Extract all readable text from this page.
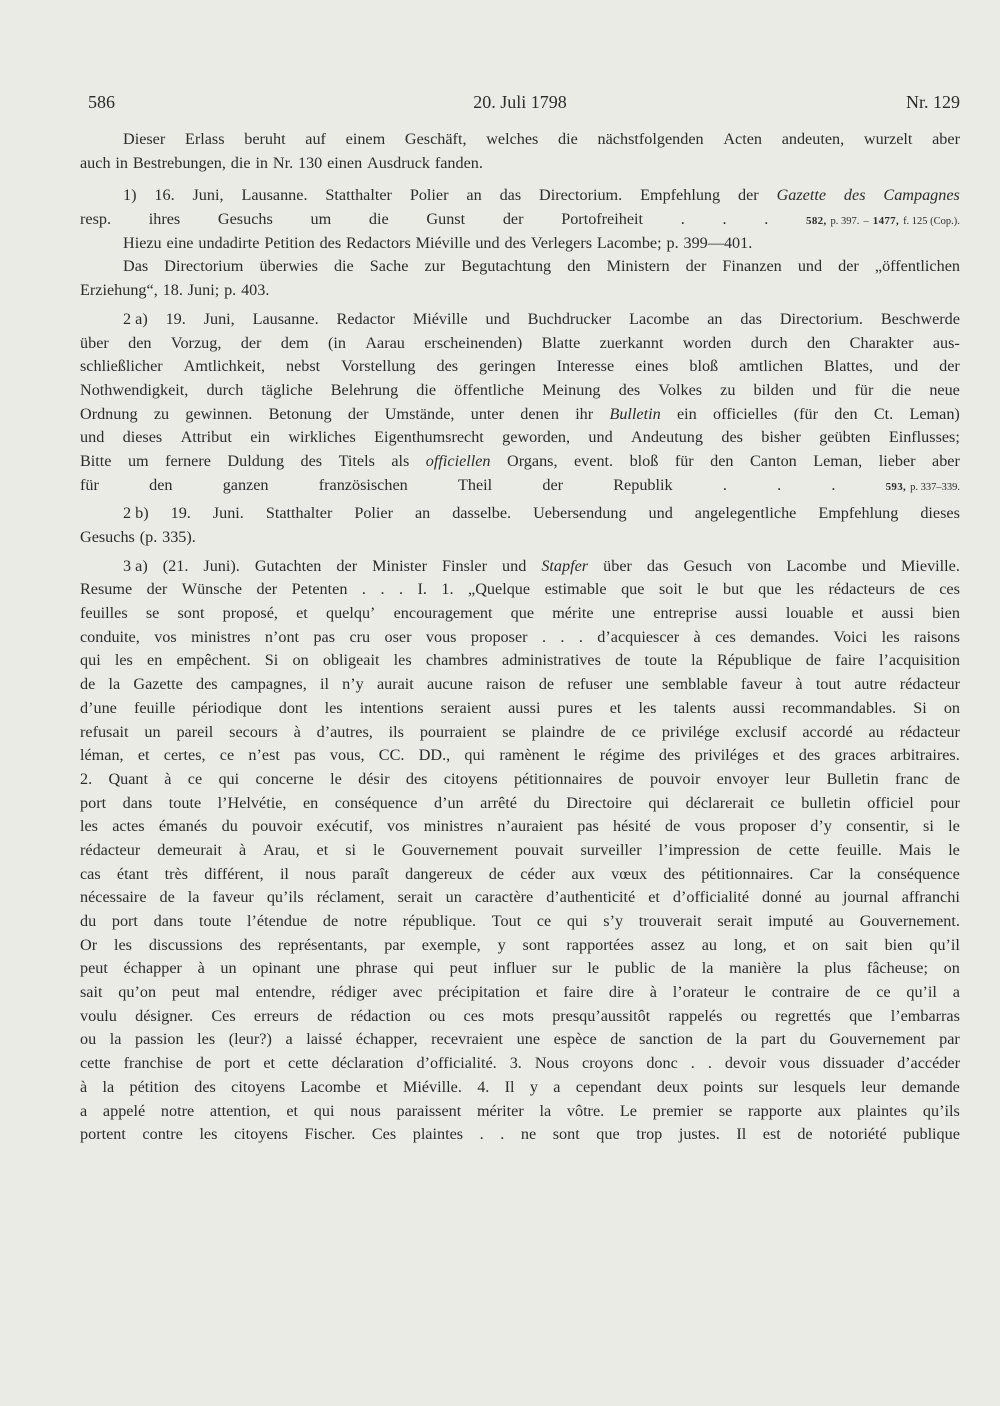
586	20. Juli 1798	Nr. 129
Dieser Erlass beruht auf einem Geschäft, welches die nächstfolgenden Acten andeuten, wurzelt aber
auch in Bestrebungen, die in Nr. 130 einen Ausdruck fanden.
1) 16. Juni, Lausanne. Statthalter Polier an das Directorium. Empfehlung der Gazette des Campagnes
resp. ihres Gesuchs um die Gunst der Portofreiheit . . .	582, p. 397. – 1477, f. 125 (Cop.).
Hiezu eine undadirte Petition des Redactors Miéville und des Verlegers Lacombe; p. 399—401.
Das Directorium überwies die Sache zur Begutachtung den Ministern der Finanzen und der „öffentlichen
Erziehung“, 18. Juni; p. 403.
2 a) 19. Juni, Lausanne. Redactor Miéville und Buchdrucker Lacombe an das Directorium. Beschwerde
über den Vorzug, der dem (in Aarau erscheinenden) Blatte zuerkannt worden durch den Charakter aus-
schließlicher Amtlichkeit, nebst Vorstellung des geringen Interesse eines bloß amtlichen Blattes, und der
Nothwendigkeit, durch tägliche Belehrung die öffentliche Meinung des Volkes zu bilden und für die neue
Ordnung zu gewinnen. Betonung der Umstände, unter denen ihr Bulletin ein officielles (für den Ct. Leman)
und dieses Attribut ein wirkliches Eigenthumsrecht geworden, und Andeutung des bisher geübten Einflusses;
Bitte um fernere Duldung des Titels als officiellen Organs, event. bloß für den Canton Leman, lieber aber
für	den	ganzen	französischen	Theil	der	Republik	.	.	.	593, p. 337–339.
2 b) 19. Juni. Statthalter Polier an dasselbe. Uebersendung und angelegentliche Empfehlung dieses
Gesuchs (p. 335).
3 a) (21. Juni). Gutachten der Minister Finsler und Stapfer über das Gesuch von Lacombe und Mieville.
Resume der Wünsche der Petenten . . . I. 1. „Quelque estimable que soit le but que les rédacteurs de ces
feuilles se sont proposé, et quelqu’ encouragement que mérite une entreprise aussi louable et aussi bien
conduite, vos ministres n’ont pas cru oser vous proposer . . . d’acquiescer à ces demandes. Voici les raisons
qui les en empêchent. Si on obligeait les chambres administratives de toute la République de faire l’acquisition
de la Gazette des campagnes, il n’y aurait aucune raison de refuser une semblable faveur à tout autre rédacteur
d’une feuille périodique dont les intentions seraient aussi pures et les talents aussi recommandables. Si on
refusait un pareil secours à d’autres, ils pourraient se plaindre de ce privilége exclusif accordé au rédacteur
léman, et certes, ce n’est pas vous, CC. DD., qui ramènent le régime des priviléges et des graces arbitraires.
2. Quant à ce qui concerne le désir des citoyens pétitionnaires de pouvoir envoyer leur Bulletin franc de
port dans toute l’Helvétie, en conséquence d’un arrêté du Directoire qui déclarerait ce bulletin officiel pour
les actes émanés du pouvoir exécutif, vos ministres n’auraient pas hésité de vous proposer d’y consentir, si le
rédacteur demeurait à Arau, et si le Gouvernement pouvait surveiller l’impression de cette feuille. Mais le
cas étant très différent, il nous paraît dangereux de céder aux vœux des pétitionnaires. Car la conséquence
nécessaire de la faveur qu’ils réclament, serait un caractère d’authenticité et d’officialité donné au journal affranchi
du port dans toute l’étendue de notre république. Tout ce qui s’y trouverait serait imputé au Gouvernement.
Or les discussions des représentants, par exemple, y sont rapportées assez au long, et on sait bien qu’il
peut échapper à un opinant une phrase qui peut influer sur le public de la manière la plus fâcheuse; on
sait qu’on peut mal entendre, rédiger avec précipitation et faire dire à l’orateur le contraire de ce qu’il a
voulu désigner. Ces erreurs de rédaction ou ces mots presqu’aussitôt rappelés ou regrettés que l’embarras
ou la passion les (leur?) a laissé échapper, recevraient une espèce de sanction de la part du Gouvernement par
cette franchise de port et cette déclaration d’officialité. 3. Nous croyons donc . . devoir vous dissuader d’accéder
à la pétition des citoyens Lacombe et Miéville. 4. Il y a cependant deux points sur lesquels leur demande
a appelé notre attention, et qui nous paraissent mériter la vôtre. Le premier se rapporte aux plaintes qu’ils
portent contre les citoyens Fischer. Ces plaintes . . ne sont que trop justes. Il est de notoriété publique
